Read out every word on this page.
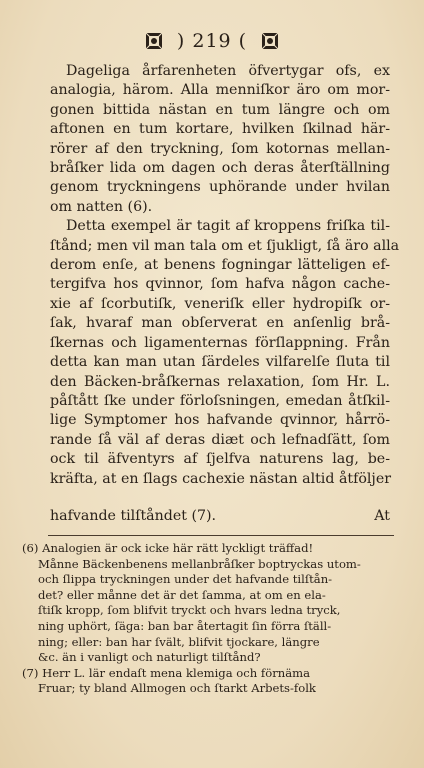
) 219 (
Dageliga årfarenheten öfvertygar ofs, ex
analogia, härom. Alla menniſkor äro om mor-
gonen bittida nästan en tum längre och om
aftonen en tum kortare, hvilken ſkilnad här-
rörer af den tryckning, ſom kotornas mellan-
bråſker lida om dagen och deras återſtällning
genom tryckningens uphörande under hvilan
om natten (6).
Detta exempel är tagit af kroppens friſka til-
ſtånd; men vil man tala om et ſjukligt, ſå äro alla
derom enſe, at benens fogningar lätteligen ef-
tergifva hos qvinnor, ſom hafva någon cache-
xie af ſcorbutiſk, veneriſk eller hydropiſk or-
ſak, hvaraf man obſerverat en anſenlig brå-
ſkernas och ligamenternas förſlappning. Från
detta kan man utan ſärdeles vilfarelſe ſluta til
den Bäcken-bråſkernas relaxation, ſom Hr. L.
påſtått ſke under förloſsningen, emedan åtſkil-
lige Symptomer hos hafvande qvinnor, hårrö-
rande ſå väl af deras diæt och lefnadſätt, ſom
ock til äfventyrs af ſjelfva naturens lag, be-
kräfta, at en ſlags cachexie nästan altid åtföljer
hafvande tilſtåndet (7).	At
(6) Analogien är ock icke här rätt lyckligt träffad!
Månne Bäckenbenens mellanbråſker boptryckas utom-
och ſlippa tryckningen under det hafvande tilſtån-
det? eller månne det är det ſamma, at om en ela-
ſtiſk kropp, ſom blifvit tryckt och hvars ledna tryck,
ning uphört, ſäga: ban bar återtagit ſin förra ſtäll-
ning; eller: ban har ſvält, blifvit tjockare, längre
&c. än i vanligt och naturligt tilſtånd?
(7) Herr L. lär endaſt mena klemiga och förnäma
Fruar; ty bland Allmogen och ſtarkt Arbets-folk
